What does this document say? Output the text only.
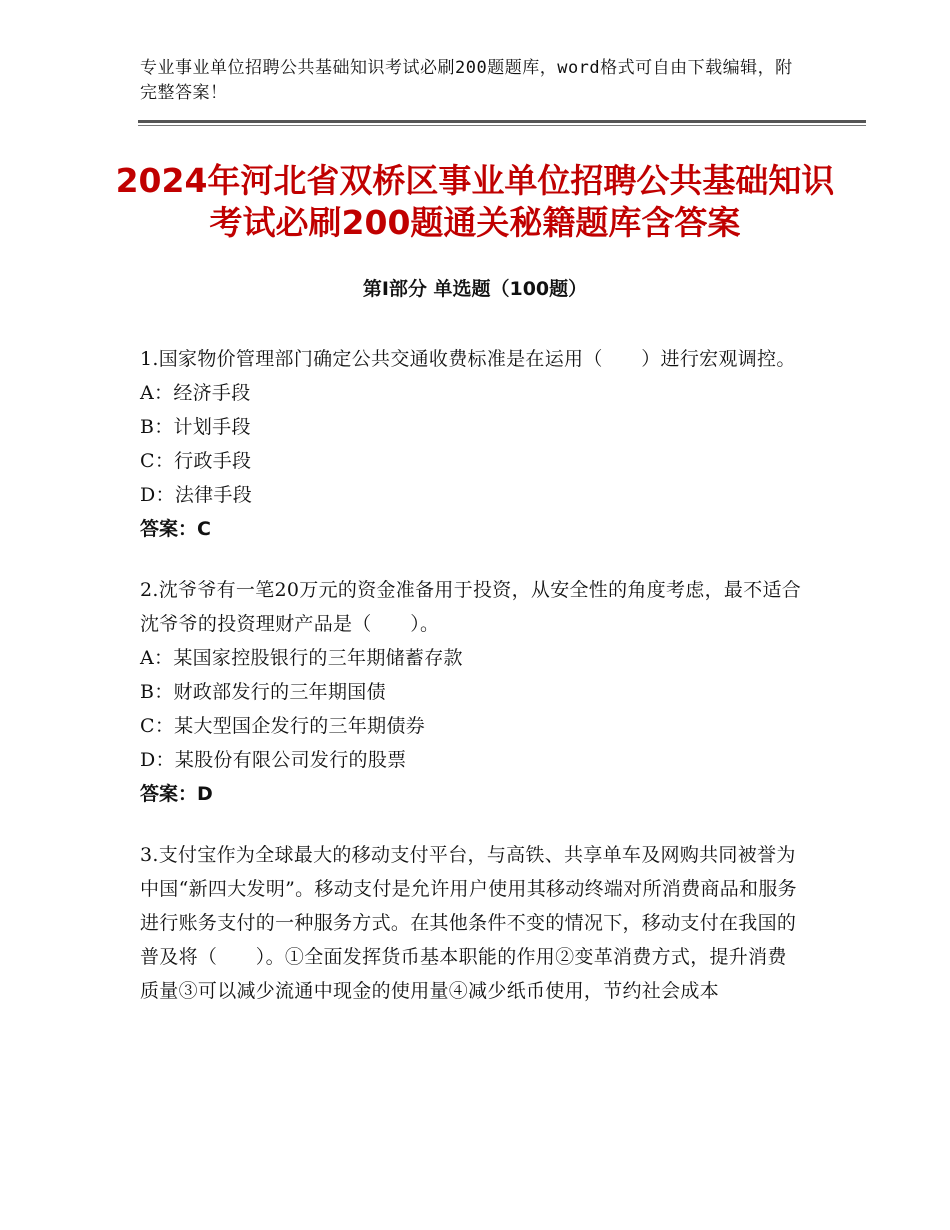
专业事业单位招聘公共基础知识考试必刷200题题库，word格式可自由下载编辑，附完整答案！
2024年河北省双桥区事业单位招聘公共基础知识考试必刷200题通关秘籍题库含答案
第Ⅰ部分 单选题（100题）
1.国家物价管理部门确定公共交通收费标准是在运用（　　）进行宏观调控。
A：经济手段
B：计划手段
C：行政手段
D：法律手段
答案：C
2.沈爷爷有一笔20万元的资金准备用于投资，从安全性的角度考虑，最不适合沈爷爷的投资理财产品是（　　）。
A：某国家控股银行的三年期储蓄存款
B：财政部发行的三年期国债
C：某大型国企发行的三年期债券
D：某股份有限公司发行的股票
答案：D
3.支付宝作为全球最大的移动支付平台，与高铁、共享单车及网购共同被誉为中国“新四大发明”。移动支付是允许用户使用其移动终端对所消费商品和服务进行账务支付的一种服务方式。在其他条件不变的情况下，移动支付在我国的普及将（　　）。①全面发挥货币基本职能的作用②变革消费方式，提升消费质量③可以减少流通中现金的使用量④减少纸币使用，节约社会成本
